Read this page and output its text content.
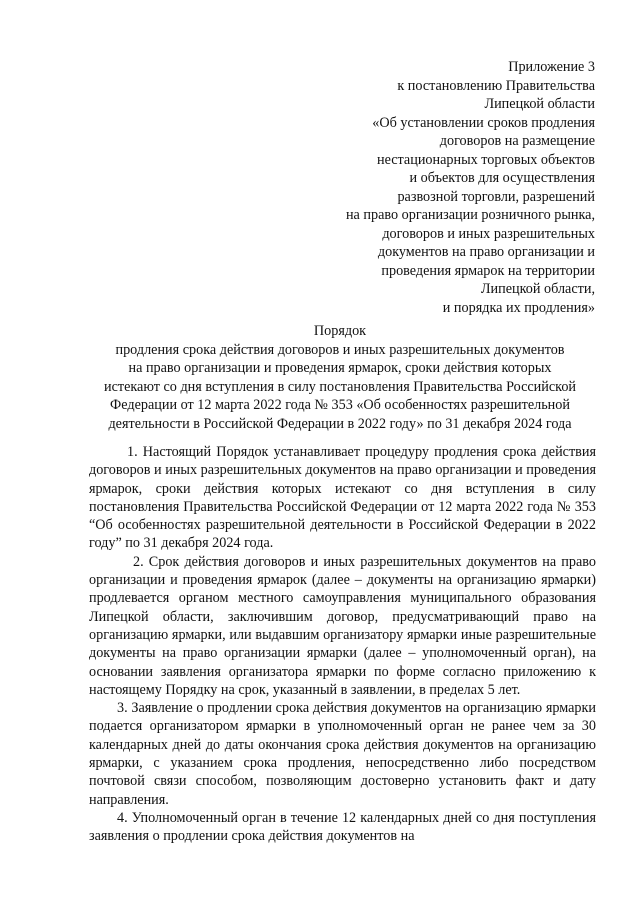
Приложение 3
к постановлению Правительства
Липецкой области
«Об установлении сроков продления
договоров на размещение
нестационарных торговых объектов
и объектов для осуществления
развозной торговли, разрешений
на право организации розничного рынка,
договоров и иных разрешительных
документов на право организации и
проведения ярмарок на территории
Липецкой области,
и порядка их продления»
Порядок
продления срока действия договоров и иных разрешительных документов
на право организации и проведения ярмарок, сроки действия которых
истекают со дня вступления в силу постановления Правительства Российской
Федерации от 12 марта 2022 года № 353 «Об особенностях разрешительной
деятельности в Российской Федерации в 2022 году» по 31 декабря 2024 года

1. Настоящий Порядок устанавливает процедуру продления срока действия договоров и иных разрешительных документов на право организации и проведения ярмарок, сроки действия которых истекают со дня вступления в силу постановления Правительства Российской Федерации от 12 марта 2022 года № 353 “Об особенностях разрешительной деятельности в Российской Федерации в 2022 году” по 31 декабря 2024 года.

2. Срок действия договоров и иных разрешительных документов на право организации и проведения ярмарок (далее – документы на организацию ярмарки) продлевается органом местного самоуправления муниципального образования Липецкой области, заключившим договор, предусматривающий право на организацию ярмарки, или выдавшим организатору ярмарки иные разрешительные документы на право организации ярмарки (далее – уполномоченный орган), на основании заявления организатора ярмарки по форме согласно приложению к настоящему Порядку на срок, указанный в заявлении, в пределах 5 лет.

3. Заявление о продлении срока действия документов на организацию ярмарки подается организатором ярмарки в уполномоченный орган не ранее чем за 30 календарных дней до даты окончания срока действия документов на организацию ярмарки, с указанием срока продления, непосредственно либо посредством почтовой связи способом, позволяющим достоверно установить факт и дату направления.

4. Уполномоченный орган в течение 12 календарных дней со дня поступления заявления о продлении срока действия документов на
